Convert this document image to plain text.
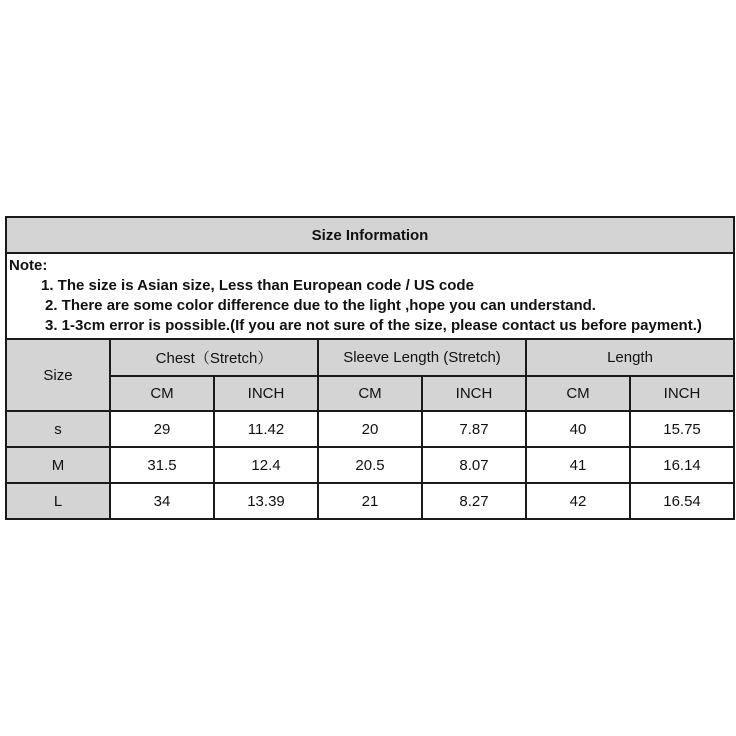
Size Information						

Note:
1. The size is Asian size, Less than European code / US code
2. There are some color difference due to the light ,hope you can understand.
3. 1-3cm error is possible.(If you are not sure of the size, please contact us before payment.)						

Size	Chest（Stretch）		Sleeve Length (Stretch)		Length	
	CM	INCH	CM	INCH	CM	INCH
s	29	11.42	20	7.87	40	15.75
M	31.5	12.4	20.5	8.07	41	16.14
L	34	13.39	21	8.27	42	16.54
